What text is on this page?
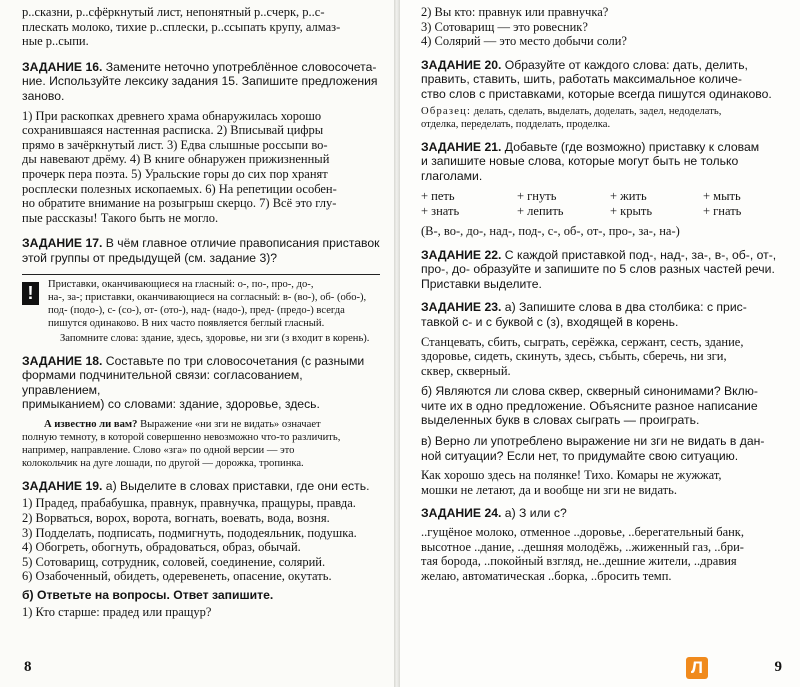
р..сказни, р..сфёркнутый лист, непонятный р..счерк, р..с-

плескать молоко, тихие р..сплески, р..ссыпать крупу, алмаз-

ные р..сыпи.

ЗАДАНИЕ 16. Замените неточно употреблённое словосочета-

ние. Используйте лексику задания 15. Запишите предложения

заново.

1) При раскопках древнего храма обнаружилась хорошо

сохранившаяся настенная расписка. 2) Вписывай цифры

прямо в зачёркнутый лист. 3) Едва слышные россыпи во-

ды навевают дрёму. 4) В книге обнаружен прижизненный

прочерк пера поэта. 5) Уральские горы до сих пор хранят

росплески полезных ископаемых. 6) На репетиции особен-

но обратите внимание на розыгрыш скерцо. 7) Всё это глу-

пые рассказы! Такого быть не могло.

ЗАДАНИЕ 17. В чём главное отличие правописания приставок

этой группы от предыдущей (см. задание 3)?

!	Приставки, оканчивающиеся на гласный: о-, по-, про-, до-,

на-, за-; приставки, оканчивающиеся на согласный: в- (во-), об- (обо-),

под- (подо-), с- (со-), от- (ото-), над- (надо-), пред- (предо-) всегда

пишутся одинаково. В них часто появляется беглый гласный.

Запомните слова: здание, здесь, здоровье, ни зги (з входит в корень).

ЗАДАНИЕ 18. Составьте по три словосочетания (с разными

формами подчинительной связи: согласованием, управлением,

примыканием) со словами: здание, здоровье, здесь.

А известно ли вам? Выражение «ни зги не видать» означает

полную темноту, в которой совершенно невозможно что-то различить,

например, направление. Слово «зга» по одной версии — это

колокольчик на дуге лошади, по другой — дорожка, тропинка.

ЗАДАНИЕ 19. а) Выделите в словах приставки, где они есть.

1) Прадед, прабабушка, правнук, правнучка, пращуры, правда.

2) Ворваться, ворох, ворота, вогнать, воевать, вода, возня.

3) Подделать, подписать, подмигнуть, пододеяльник, подушка.

4) Обогреть, обогнуть, обрадоваться, образ, обычай.

5) Сотоварищ, сотрудник, соловей, соединение, солярий.

6) Озабоченный, обидеть, одеревенеть, опасение, окутать.

б) Ответьте на вопросы. Ответ запишите.

1) Кто старше: прадед или пращур?

8

2) Вы кто: правнук или правнучка?

3) Сотоварищ — это ровесник?

4) Солярий — это место добычи соли?

ЗАДАНИЕ 20. Образуйте от каждого слова: дать, делить,

править, ставить, шить, работать максимальное количе-

ство слов с приставками, которые всегда пишутся одинаково.

Образец: делать, сделать, выделать, доделать, задел, недоделать,

отделка, переделать, подделать, проделка.

ЗАДАНИЕ 21. Добавьте (где возможно) приставку к словам

и запишите новые слова, которые могут быть не только

глаголами.

+ петь	+ гнуть	+ жить	+ мыть
+ знать	+ лепить	+ крыть	+ гнать

(В-, во-, до-, над-, под-, с-, об-, от-, про-, за-, на-)

ЗАДАНИЕ 22. С каждой приставкой под-, над-, за-, в-, об-, от-,

про-, до- образуйте и запишите по 5 слов разных частей речи.

Приставки выделите.

ЗАДАНИЕ 23. а) Запишите слова в два столбика: с прис-

тавкой с- и с буквой с (з), входящей в корень.

Станцевать, сбить, сыграть, серёжка, сержант, сесть, здание,

здоровье, сидеть, скинуть, здесь, събыть, сберечь, ни зги,

сквер, скверный.

б) Являются ли слова сквер, скверный синонимами? Вклю-

чите их в одно предложение. Объясните разное написание

выделенных букв в словах сыграть — проиграть.

в) Верно ли употреблено выражение ни зги не видать в дан-

ной ситуации? Если нет, то придумайте свою ситуацию.

Как хорошо здесь на полянке! Тихо. Комары не жужжат,

мошки не летают, да и вообще ни зги не видать.

ЗАДАНИЕ 24. а) З или с?

..гущёное молоко, отменное ..доровье, ..берегательный банк,

высотное ..дание, ..дешняя молодёжь, ..жиженный газ, ..бри-

тая борода, ..покойный взгляд, не..дешние жители, ..дравия

желаю, автоматическая ..борка, ..бросить темп.

Л	9
